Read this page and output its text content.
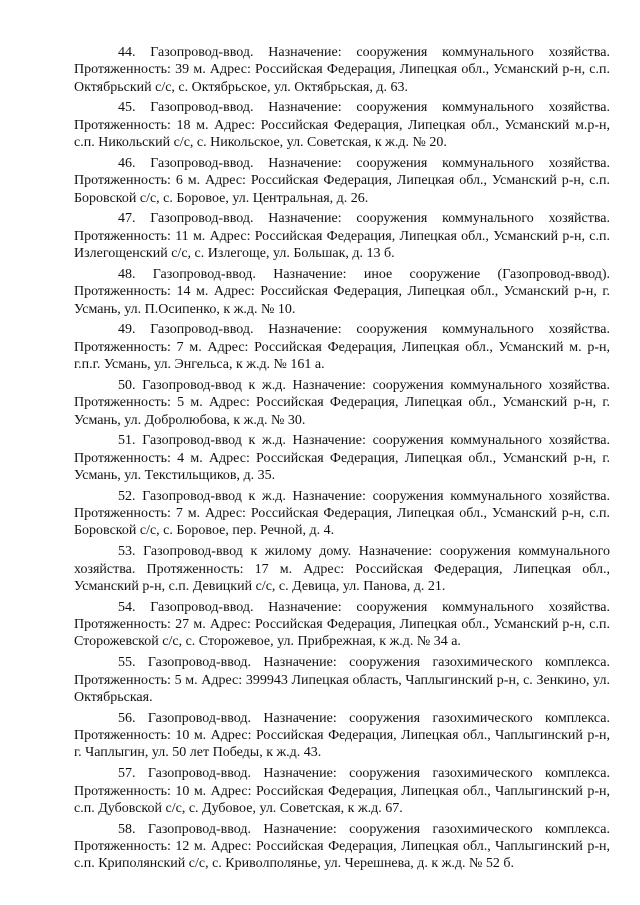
44. Газопровод-ввод. Назначение: сооружения коммунального хозяйства. Протяженность: 39 м. Адрес: Российская Федерация, Липецкая обл., Усманский р-н, с.п. Октябрьский с/с, с. Октябрьское, ул. Октябрьская, д. 63.

45. Газопровод-ввод. Назначение: сооружения коммунального хозяйства. Протяженность: 18 м. Адрес: Российская Федерация, Липецкая обл., Усманский м.р-н, с.п. Никольский с/с, с. Никольское, ул. Советская, к ж.д. № 20.

46. Газопровод-ввод. Назначение: сооружения коммунального хозяйства. Протяженность: 6 м. Адрес: Российская Федерация, Липецкая обл., Усманский р-н, с.п. Боровской с/с, с. Боровое, ул. Центральная, д. 26.

47. Газопровод-ввод. Назначение: сооружения коммунального хозяйства. Протяженность: 11 м. Адрес: Российская Федерация, Липецкая обл., Усманский р-н, с.п. Излегощенский с/с, с. Излегоще, ул. Большак, д. 13 б.

48. Газопровод-ввод. Назначение: иное сооружение (Газопровод-ввод). Протяженность: 14 м. Адрес: Российская Федерация, Липецкая обл., Усманский р-н, г. Усмань, ул. П.Осипенко, к ж.д. № 10.

49. Газопровод-ввод. Назначение: сооружения коммунального хозяйства. Протяженность: 7 м. Адрес: Российская Федерация, Липецкая обл., Усманский м. р-н, г.п.г. Усмань, ул. Энгельса, к ж.д. № 161 а.

50. Газопровод-ввод к ж.д. Назначение: сооружения коммунального хозяйства. Протяженность: 5 м. Адрес: Российская Федерация, Липецкая обл., Усманский р-н, г. Усмань, ул. Добролюбова, к ж.д. № 30.

51. Газопровод-ввод к ж.д. Назначение: сооружения коммунального хозяйства. Протяженность: 4 м. Адрес: Российская Федерация, Липецкая обл., Усманский р-н, г. Усмань, ул. Текстильщиков, д. 35.

52. Газопровод-ввод к ж.д. Назначение: сооружения коммунального хозяйства. Протяженность: 7 м. Адрес: Российская Федерация, Липецкая обл., Усманский р-н, с.п. Боровской с/с, с. Боровое, пер. Речной, д. 4.

53. Газопровод-ввод к жилому дому. Назначение: сооружения коммунального хозяйства. Протяженность: 17 м. Адрес: Российская Федерация, Липецкая обл., Усманский р-н, с.п. Девицкий с/с, с. Девица, ул. Панова, д. 21.

54. Газопровод-ввод. Назначение: сооружения коммунального хозяйства. Протяженность: 27 м. Адрес: Российская Федерация, Липецкая обл., Усманский р-н, с.п. Сторожевской с/с, с. Сторожевое, ул. Прибрежная, к ж.д. № 34 а.

55. Газопровод-ввод. Назначение: сооружения газохимического комплекса. Протяженность: 5 м. Адрес: 399943 Липецкая область, Чаплыгинский р-н, с. Зенкино, ул. Октябрьская.

56. Газопровод-ввод. Назначение: сооружения газохимического комплекса. Протяженность: 10 м. Адрес: Российская Федерация, Липецкая обл., Чаплыгинский р-н, г. Чаплыгин, ул. 50 лет Победы, к ж.д. 43.

57. Газопровод-ввод. Назначение: сооружения газохимического комплекса. Протяженность: 10 м. Адрес: Российская Федерация, Липецкая обл., Чаплыгинский р-н, с.п. Дубовской с/с, с. Дубовое, ул. Советская, к ж.д. 67.

58. Газопровод-ввод. Назначение: сооружения газохимического комплекса. Протяженность: 12 м. Адрес: Российская Федерация, Липецкая обл., Чаплыгинский р-н, с.п. Криполянский с/с, с. Криволполянье, ул. Черешнева, д. к ж.д. № 52 б.
